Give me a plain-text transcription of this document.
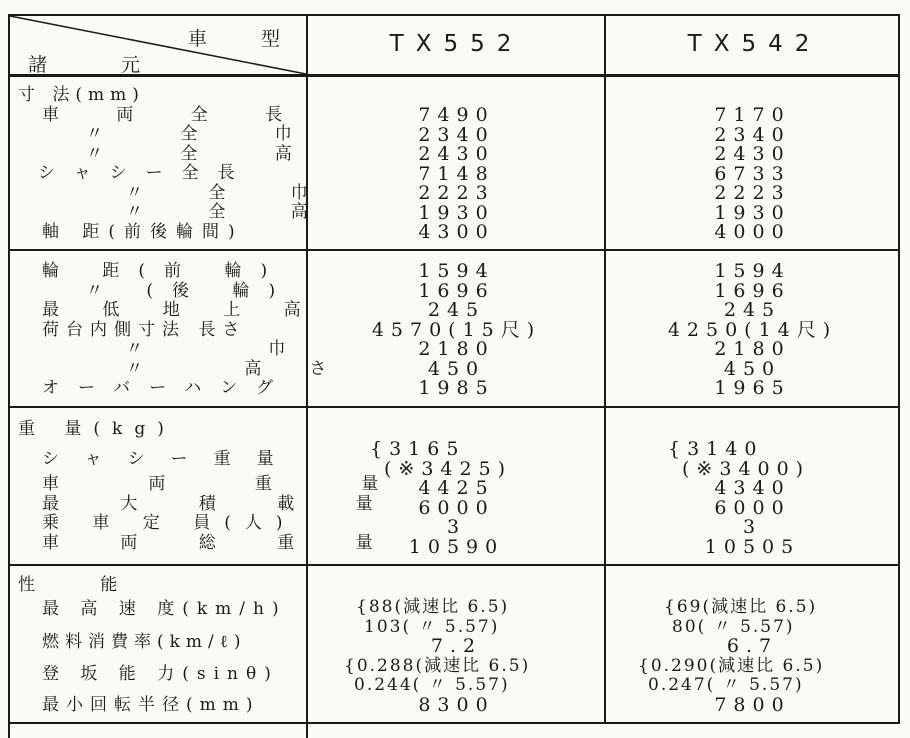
車 型
諸 元
TX552	TX542
寸 法(mm)
車 両 全 長
〃 全 巾
〃 全 高
シャシー全長
〃 全 巾
〃 全 高
軸 距(前後輪間)
7490
2340
2430
7148
2223
1930
4300
7170
2340
2430
6733
2223
1930
4000
輪 距(前 輪)
〃 (後 輪)
最 低 地 上 高
荷台内側寸法 長さ
〃 巾
〃 高さ
オーバーハング
1594
1696
245
4570(15尺)
2180
450
1985
1594
1696
245
4250(14尺)
2180
450
1965
重 量(kg)
シャシー重量
車 両 重 量
最 大 積 載 量
乗 車 定 員(人)
車 両 総 重 量
{3165
(※3425)
4425
6000
3
10590
{3140
(※3400)
4340
6000
3
10505
性 能
最 高 速 度(km/h)
燃料消費率(km/ℓ)
登 坂 能 力(sinθ)
最小回転半径(mm)
{88(減速比 6.5)
103( 〃 5.57)
7.2
{0.288(減速比 6.5)
0.244( 〃 5.57)
8300
{69(減速比 6.5)
80( 〃 5.57)
6.7
{0.290(減速比 6.5)
0.247( 〃 5.57)
7800
